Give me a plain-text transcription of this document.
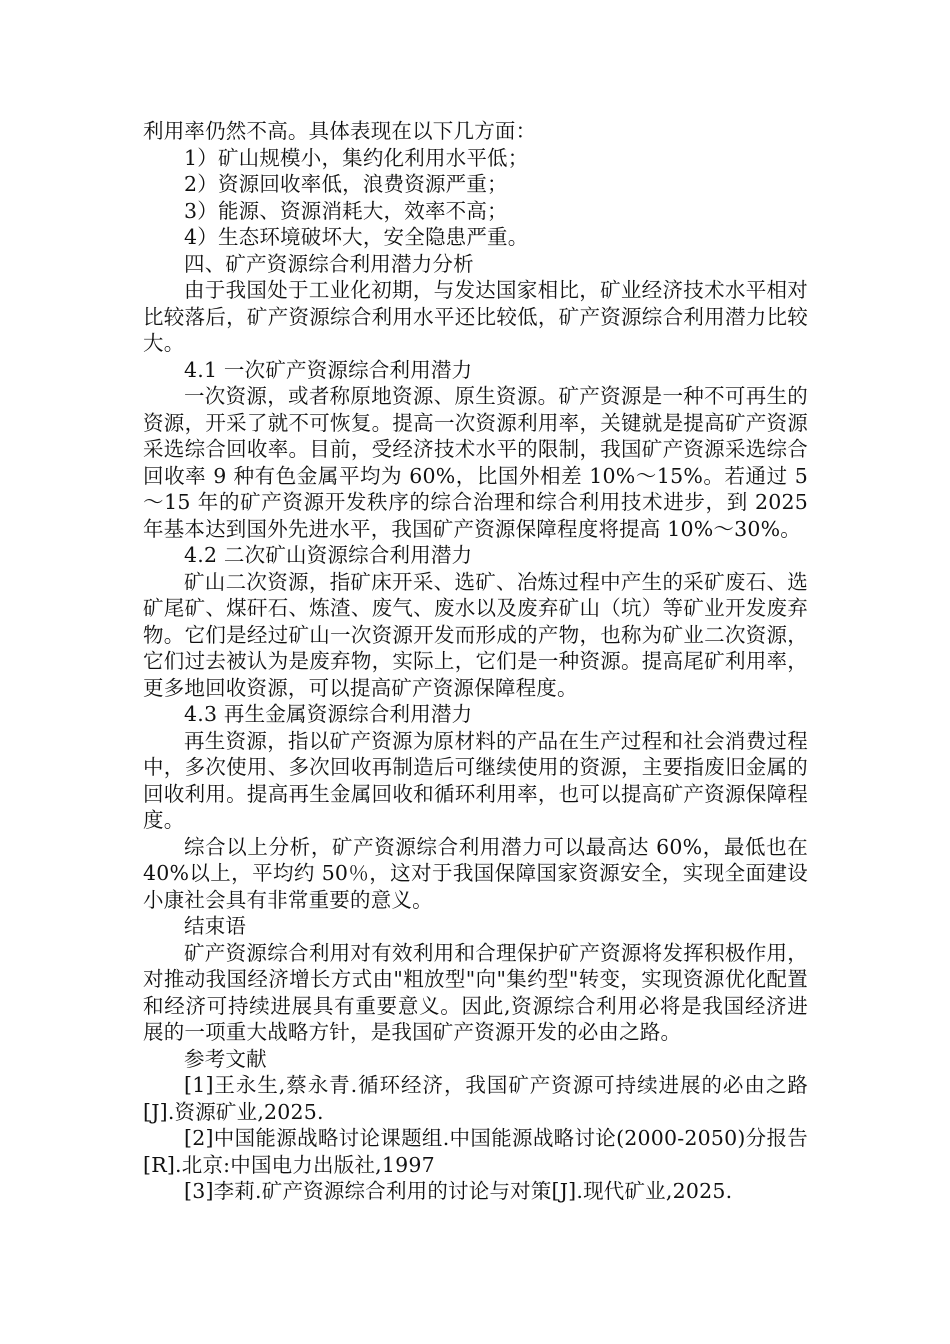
利用率仍然不高。具体表现在以下几方面：

1）矿山规模小，集约化利用水平低；

2）资源回收率低，浪费资源严重；

3）能源、资源消耗大，效率不高；

4）生态环境破坏大，安全隐患严重。

四、矿产资源综合利用潜力分析

由于我国处于工业化初期，与发达国家相比，矿业经济技术水平相对比较落后，矿产资源综合利用水平还比较低，矿产资源综合利用潜力比较大。

4.1 一次矿产资源综合利用潜力

一次资源，或者称原地资源、原生资源。矿产资源是一种不可再生的资源，开采了就不可恢复。提高一次资源利用率，关键就是提高矿产资源采选综合回收率。目前，受经济技术水平的限制，我国矿产资源采选综合回收率 9 种有色金属平均为 60%，比国外相差 10%～15%。若通过 5～15 年的矿产资源开发秩序的综合治理和综合利用技术进步，到 2025 年基本达到国外先进水平，我国矿产资源保障程度将提高 10%～30%。

4.2 二次矿山资源综合利用潜力

矿山二次资源，指矿床开采、选矿、冶炼过程中产生的采矿废石、选矿尾矿、煤矸石、炼渣、废气、废水以及废弃矿山（坑）等矿业开发废弃物。它们是经过矿山一次资源开发而形成的产物，也称为矿业二次资源，它们过去被认为是废弃物，实际上，它们是一种资源。提高尾矿利用率，更多地回收资源，可以提高矿产资源保障程度。

4.3 再生金属资源综合利用潜力

再生资源，指以矿产资源为原材料的产品在生产过程和社会消费过程中，多次使用、多次回收再制造后可继续使用的资源，主要指废旧金属的回收利用。提高再生金属回收和循环利用率，也可以提高矿产资源保障程度。

综合以上分析，矿产资源综合利用潜力可以最高达 60%，最低也在 40%以上，平均约 50％，这对于我国保障国家资源安全，实现全面建设小康社会具有非常重要的意义。

结束语

矿产资源综合利用对有效利用和合理保护矿产资源将发挥积极作用，对推动我国经济增长方式由"粗放型"向"集约型"转变，实现资源优化配置和经济可持续进展具有重要意义。因此,资源综合利用必将是我国经济进展的一项重大战略方针，是我国矿产资源开发的必由之路。

参考文献

[1]王永生,蔡永青.循环经济，我国矿产资源可持续进展的必由之路[J].资源矿业,2025.

[2]中国能源战略讨论课题组.中国能源战略讨论(2000-2050)分报告[R].北京:中国电力出版社,1997

[3]李莉.矿产资源综合利用的讨论与对策[J].现代矿业,2025.
